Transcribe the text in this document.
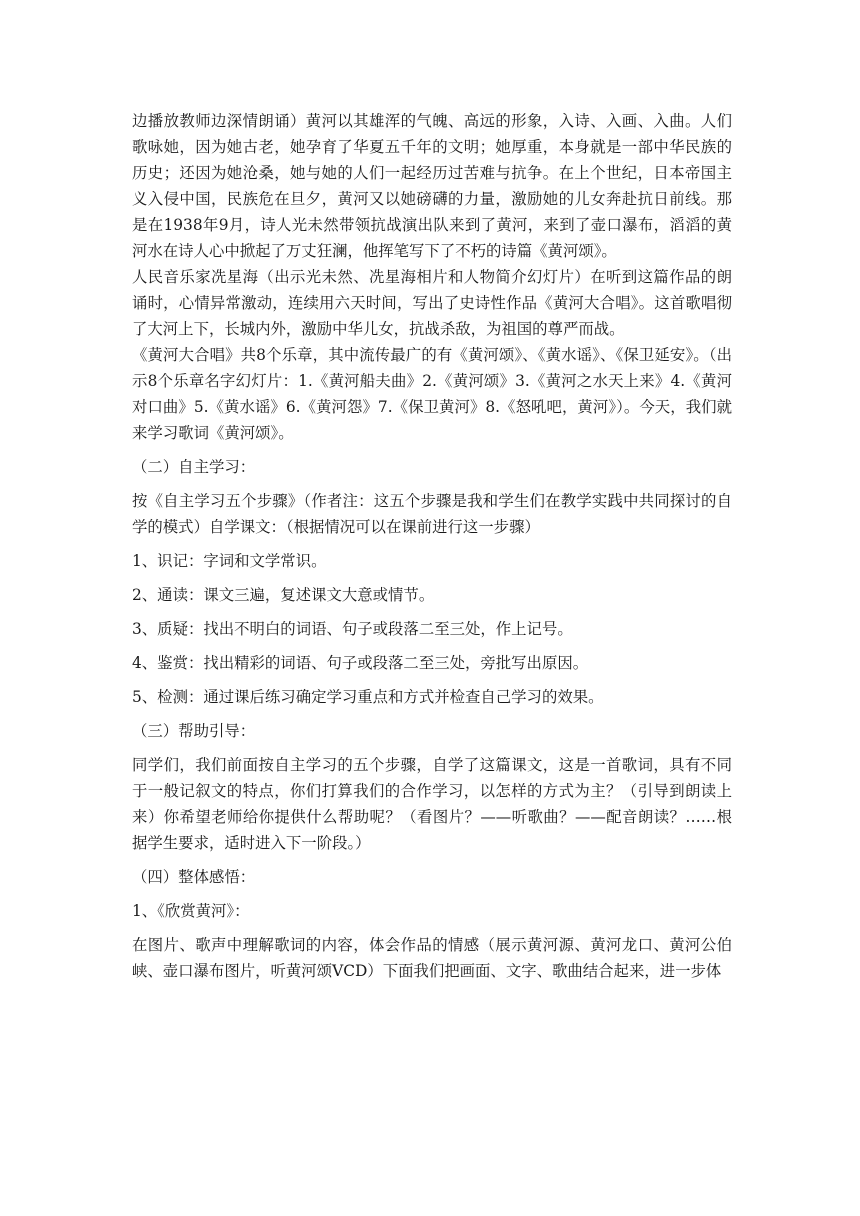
边播放教师边深情朗诵）黄河以其雄浑的气魄、高远的形象，入诗、入画、入曲。人们歌咏她，因为她古老，她孕育了华夏五千年的文明；她厚重，本身就是一部中华民族的历史；还因为她沧桑，她与她的人们一起经历过苦难与抗争。在上个世纪，日本帝国主义入侵中国，民族危在旦夕，黄河又以她磅礴的力量，激励她的儿女奔赴抗日前线。那是在1938年9月，诗人光未然带领抗战演出队来到了黄河，来到了壶口瀑布，滔滔的黄河水在诗人心中掀起了万丈狂澜，他挥笔写下了不朽的诗篇《黄河颂》。

人民音乐家冼星海（出示光未然、冼星海相片和人物简介幻灯片）在听到这篇作品的朗诵时，心情异常激动，连续用六天时间，写出了史诗性作品《黄河大合唱》。这首歌唱彻了大河上下，长城内外，激励中华儿女，抗战杀敌，为祖国的尊严而战。

《黄河大合唱》共8个乐章，其中流传最广的有《黄河颂》、《黄水谣》、《保卫延安》。（出示8个乐章名字幻灯片：1.《黄河船夫曲》2.《黄河颂》3.《黄河之水天上来》4.《黄河对口曲》5.《黄水谣》6.《黄河怨》7.《保卫黄河》8.《怒吼吧，黄河》）。今天，我们就来学习歌词《黄河颂》。

（二）自主学习：

按《自主学习五个步骤》（作者注：这五个步骤是我和学生们在教学实践中共同探讨的自学的模式）自学课文：（根据情况可以在课前进行这一步骤）

1、识记：字词和文学常识。

2、通读：课文三遍，复述课文大意或情节。

3、质疑：找出不明白的词语、句子或段落二至三处，作上记号。

4、鉴赏：找出精彩的词语、句子或段落二至三处，旁批写出原因。

5、检测：通过课后练习确定学习重点和方式并检查自己学习的效果。

（三）帮助引导：

同学们，我们前面按自主学习的五个步骤，自学了这篇课文，这是一首歌词，具有不同于一般记叙文的特点，你们打算我们的合作学习，以怎样的方式为主？（引导到朗读上来）你希望老师给你提供什么帮助呢？（看图片？——听歌曲？——配音朗读？……根据学生要求，适时进入下一阶段。）

（四）整体感悟：

1、《欣赏黄河》：

在图片、歌声中理解歌词的内容，体会作品的情感（展示黄河源、黄河龙口、黄河公伯峡、壶口瀑布图片，听黄河颂VCD）下面我们把画面、文字、歌曲结合起来，进一步体
